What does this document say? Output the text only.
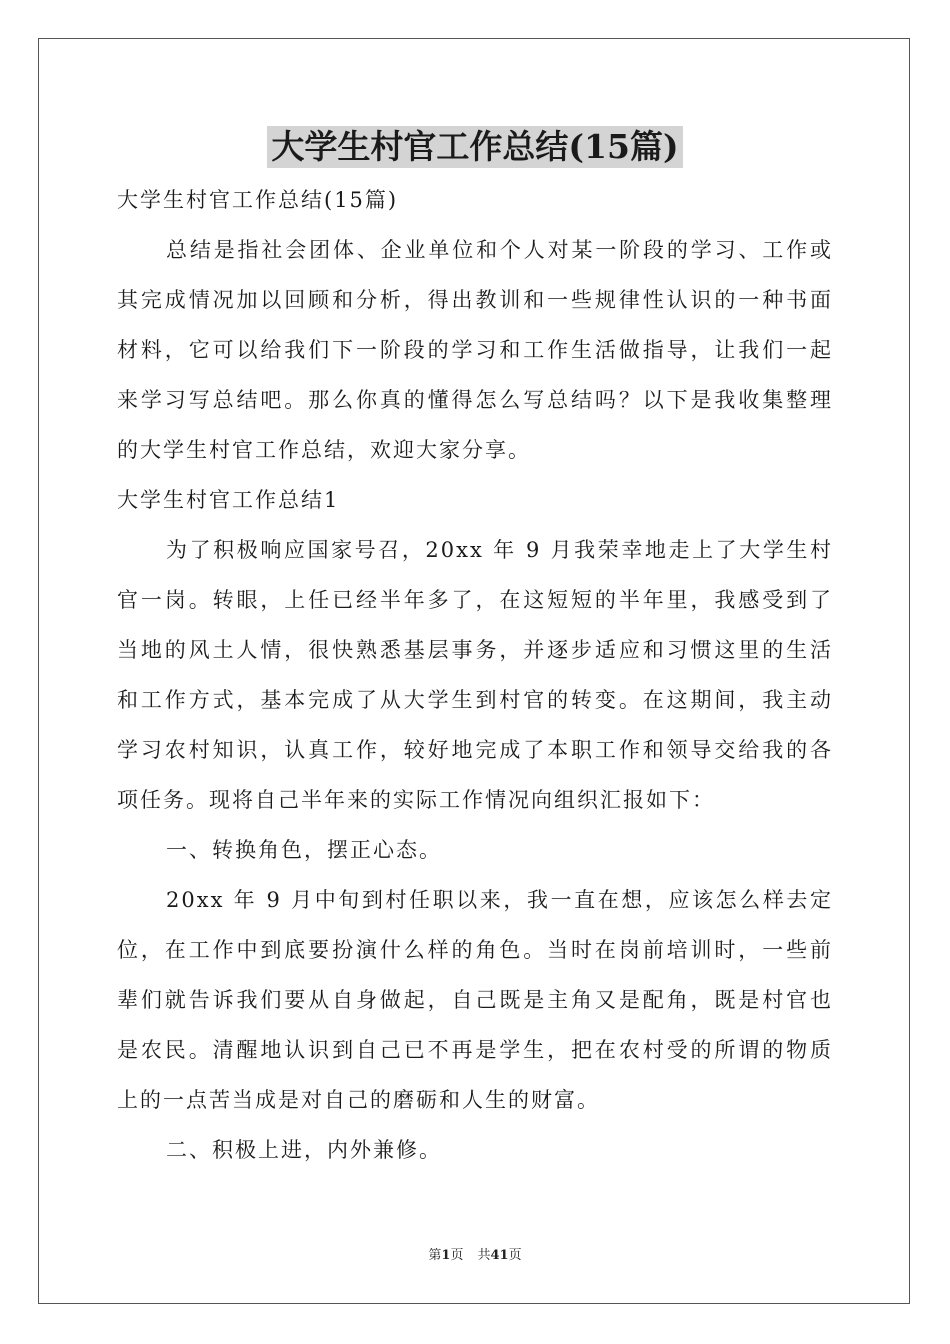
大学生村官工作总结(15篇)
大学生村官工作总结(15篇)
总结是指社会团体、企业单位和个人对某一阶段的学习、工作或
其完成情况加以回顾和分析，得出教训和一些规律性认识的一种书面
材料，它可以给我们下一阶段的学习和工作生活做指导，让我们一起
来学习写总结吧。那么你真的懂得怎么写总结吗？以下是我收集整理
的大学生村官工作总结，欢迎大家分享。
大学生村官工作总结1
为了积极响应国家号召，20xx 年 9 月我荣幸地走上了大学生村
官一岗。转眼，上任已经半年多了，在这短短的半年里，我感受到了
当地的风土人情，很快熟悉基层事务，并逐步适应和习惯这里的生活
和工作方式，基本完成了从大学生到村官的转变。在这期间，我主动
学习农村知识，认真工作，较好地完成了本职工作和领导交给我的各
项任务。现将自己半年来的实际工作情况向组织汇报如下：
一、转换角色，摆正心态。
20xx 年 9 月中旬到村任职以来，我一直在想，应该怎么样去定
位，在工作中到底要扮演什么样的角色。当时在岗前培训时，一些前
辈们就告诉我们要从自身做起，自己既是主角又是配角，既是村官也
是农民。清醒地认识到自己已不再是学生，把在农村受的所谓的物质
上的一点苦当成是对自己的磨砺和人生的财富。
二、积极上进，内外兼修。
第1页 共41页
